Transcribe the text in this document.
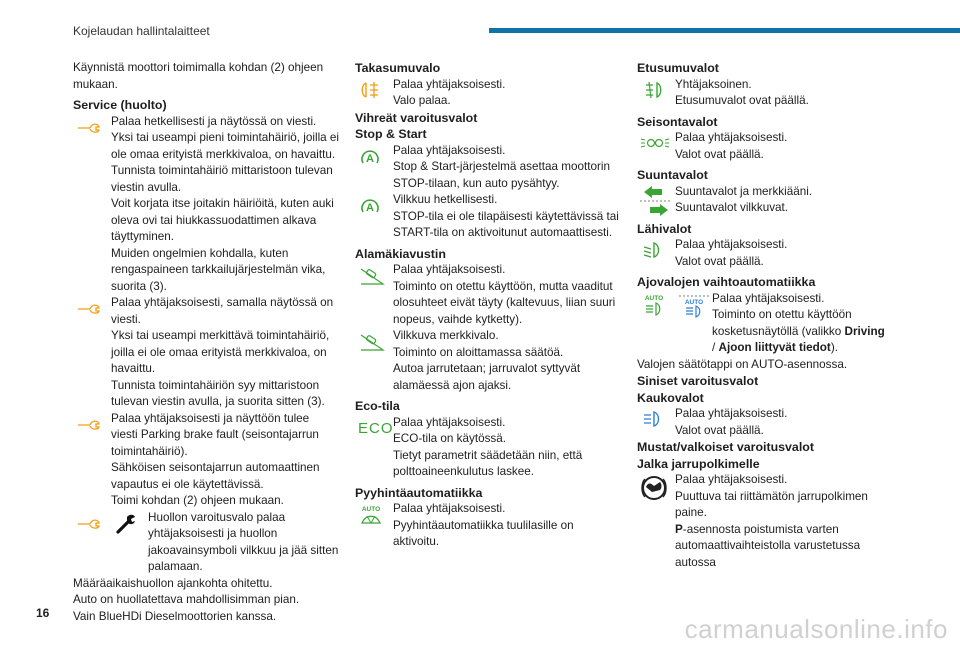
Kojelaudan hallintalaitteet

Käynnistä moottori toimimalla kohdan (2) ohjeen mukaan.

Service (huolto)

Palaa hetkellisesti ja näytössä on viesti.

Yksi tai useampi pieni toimintahäiriö, joilla ei ole omaa erityistä merkkivaloa, on havaittu.

Tunnista toimintahäiriö mittaristoon tulevan viestin avulla.

Voit korjata itse joitakin häiriöitä, kuten auki oleva ovi tai hiukkassuodattimen alkava täyttyminen.

Muiden ongelmien kohdalla, kuten rengaspaineen tarkkailujärjestelmän vika, suorita (3).

Palaa yhtäjaksoisesti, samalla näytössä on viesti.

Yksi tai useampi merkittävä toimintahäiriö, joilla ei ole omaa erityistä merkkivaloa, on havaittu.

Tunnista toimintahäiriön syy mittaristoon tulevan viestin avulla, ja suorita sitten (3).

Palaa yhtäjaksoisesti ja näyttöön tulee viesti Parking brake fault (seisontajarrun toimintahäiriö).

Sähköisen seisontajarrun automaattinen vapautus ei ole käytettävissä.

Toimi kohdan (2) ohjeen mukaan.

Huollon varoitusvalo palaa yhtäjaksoisesti ja huollon jakoavainsymboli vilkkuu ja jää sitten palamaan.

Määräaikaishuollon ajankohta ohitettu.

Auto on huollatettava mahdollisimman pian.

Vain BlueHDi Dieselmoottorien kanssa.

Takasumuvalo

Palaa yhtäjaksoisesti.

Valo palaa.

Vihreät varoitusvalot

Stop & Start

A

Palaa yhtäjaksoisesti.

Stop & Start-järjestelmä asettaa moottorin STOP-tilaan, kun auto pysähtyy.

A

Vilkkuu hetkellisesti.

STOP-tila ei ole tilapäisesti käytettävissä tai START-tila on aktivoitunut automaattisesti.

Alamäkiavustin

Palaa yhtäjaksoisesti.

Toiminto on otettu käyttöön, mutta vaaditut olosuhteet eivät täyty (kaltevuus, liian suuri nopeus, vaihde kytketty).

Vilkkuva merkkivalo.

Toiminto on aloittamassa säätöä.

Autoa jarrutetaan; jarruvalot syttyvät alamäessä ajon ajaksi.

Eco-tila

ECO Palaa yhtäjaksoisesti.

ECO-tila on käytössä.

Tietyt parametrit säädetään niin, että polttoaineenkulutus laskee.

Pyyhintäautomatiikka

AUTO Palaa yhtäjaksoisesti.

Pyyhintäautomatiikka tuulilasille on aktivoitu.

Etusumuvalot

Yhtäjaksoinen.

Etusumuvalot ovat päällä.

Seisontavalot

Palaa yhtäjaksoisesti.

Valot ovat päällä.

Suuntavalot

Suuntavalot ja merkkiääni.

Suuntavalot vilkkuvat.

Lähivalot

Palaa yhtäjaksoisesti.

Valot ovat päällä.

Ajovalojen vaihtoautomatiikka

AUTO
AUTO Palaa yhtäjaksoisesti.

Toiminto on otettu käyttöön kosketusnäytöllä (valikko Driving / Ajoon liittyvät tiedot).

Valojen säätötappi on AUTO-asennossa.

Siniset varoitusvalot

Kaukovalot

Palaa yhtäjaksoisesti.

Valot ovat päällä.

Mustat/valkoiset varoitusvalot

Jalka jarrupolkimelle

Palaa yhtäjaksoisesti.

Puuttuva tai riittämätön jarrupolkimen paine.

P-asennosta poistumista varten automaattivaihteistolla varustetussa autossa

16
carmanualsonline.info
